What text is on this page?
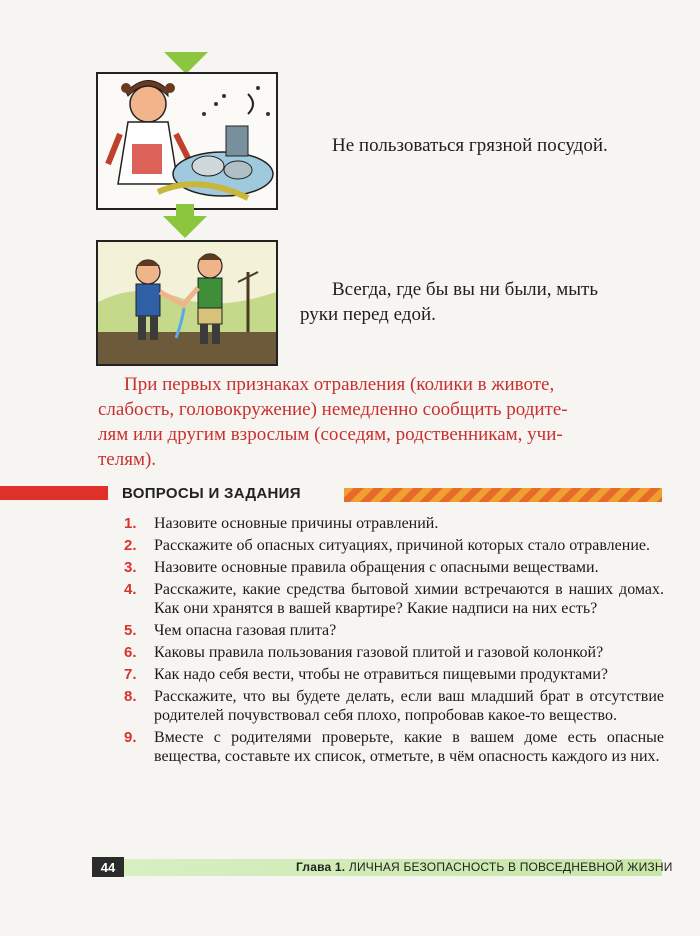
Не пользоваться грязной посудой.
Всегда, где бы вы ни были, мыть
руки перед едой.
При первых признаках отравления (колики в животе,
слабость, головокружение) немедленно сообщить родите-
лям или другим взрослым (соседям, родственникам, учи-
телям).
ВОПРОСЫ И ЗАДАНИЯ
1.	Назовите основные причины отравлений.
2.	Расскажите об опасных ситуациях, причиной которых стало отравление.
3.	Назовите основные правила обращения с опасными веществами.
4.	Расскажите, какие средства бытовой химии встречаются в наших домах. Как они хранятся в вашей квартире? Какие надписи на них есть?
5.	Чем опасна газовая плита?
6.	Каковы правила пользования газовой плитой и газовой колонкой?
7.	Как надо себя вести, чтобы не отравиться пищевыми продуктами?
8.	Расскажите, что вы будете делать, если ваш младший брат в отсутствие родителей почувствовал себя плохо, попробовав какое-то вещество.
9.	Вместе с родителями проверьте, какие в вашем доме есть опасные вещества, составьте их список, отметьте, в чём опасность каждого из них.
44	Глава 1. ЛИЧНАЯ БЕЗОПАСНОСТЬ В ПОВСЕДНЕВНОЙ ЖИЗНИ
